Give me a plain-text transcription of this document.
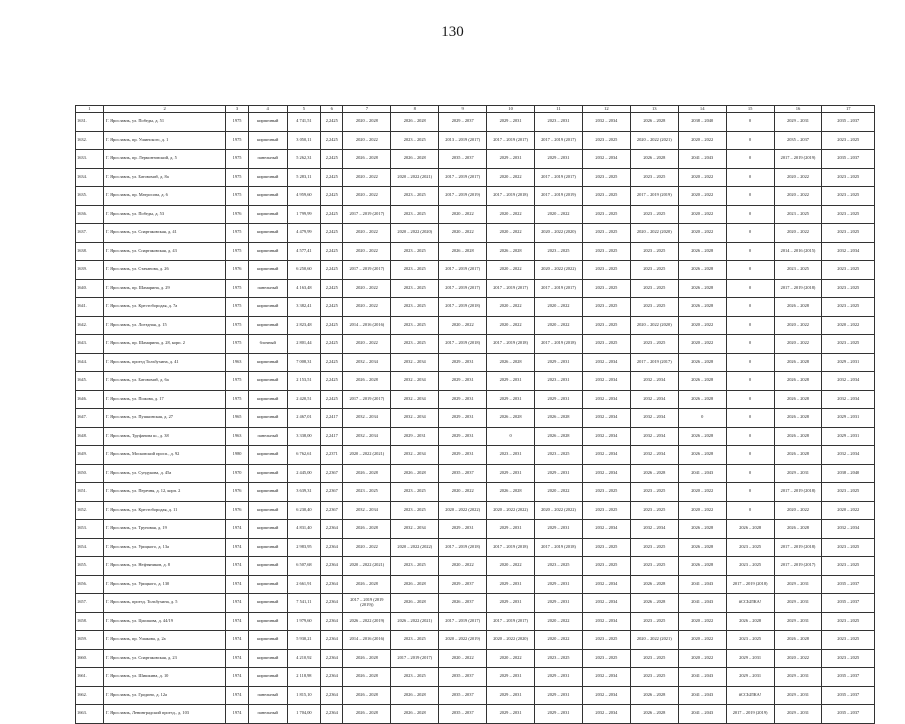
130
1	2	3	4	5	6	7	8	9	10	11	12	13	14	15	16	17
1631.	Г. Ярославль, ул. Победы, д. 51	1975	кирпичный	4 741,51	2,2425	2020 – 2028	2026 – 2028	2029 – 2037	2029 – 2031	2023 – 2031	2032 – 2034	2026 – 2028	2038 – 2040	0	2029 – 2031	2035 – 2037
1632.	Г. Ярославль, пр. Ушинского, д. 1	1975	кирпичный	3 050,11	2,2425	2020 – 2022	2023 – 2025	2013 – 2019 (2017)	2017 – 2019 (2017)	2017 – 2019 (2017)	2023 – 2025	2020 – 2022 (2021)	2020 – 2022	0	2035 – 2037	2023 – 2025
1633.	Г. Ярославль, пр. Лермонтовский, д. 5	1975	панельный	5 262,31	2,2425	2026 – 2028	2026 – 2028	2035 – 2037	2029 – 2031	2029 – 2031	2032 – 2034	2026 – 2028	2041 – 2043	0	2017 – 2019 (2019)	2035 – 2037
1634.	Г. Ярославль, ул. Батовомаб, д. 8а	1975	кирпичный	5 283,11	2,2425	2020 – 2022	2020 – 2022 (2021)	2017 – 2019 (2017)	2020 – 2022	2017 – 2019 (2017)	2023 – 2025	2023 – 2025	2020 – 2022	0	2020 – 2022	2023 – 2025
1635.	Г. Ярославль, пр. Матросова, д. 6	1975	кирпичный	4 959,60	2,2425	2020 – 2022	2023 – 2025	2017 – 2019 (2019)	2017 – 2019 (2018)	2017 – 2019 (2019)	2023 – 2025	2017 – 2019 (2019)	2020 – 2022	0	2020 – 2022	2023 – 2025
1636.	Г. Ярославль, ул. Победы, д. 53	1976	кирпичный	1 799,99	2,2425	2017 – 2019 (2017)	2023 – 2025	2020 – 2022	2020 – 2022	2020 – 2022	2023 – 2025	2023 – 2025	2020 – 2022	0	2023 – 2025	2023 – 2025
1637.	Г. Ярославль, ул. Спартаковская, д. 41	1975	кирпичный	4 479,99	2,2425	2020 – 2022	2020 – 2022 (2020)	2020 – 2022	2020 – 2022	2020 – 2022 (2020)	2023 – 2025	2020 – 2022 (2020)	2020 – 2022	0	2020 – 2022	2023 – 2025
1638.	Г. Ярославль, ул. Спартаковская, д. 43	1975	кирпичный	4 577,41	2,2425	2020 – 2022	2023 – 2025	2026 – 2028	2026 – 2028	2023 – 2025	2023 – 2025	2023 – 2025	2026 – 2028	0	2014 – 2016 (2015)	2032 – 2034
1639.	Г. Ярославль, ул. Стачанова, д. 26	1976	кирпичный	6 250,60	2,2425	2017 – 2019 (2017)	2023 – 2025	2017 – 2019 (2017)	2020 – 2022	2020 – 2022 (2022)	2023 – 2025	2023 – 2025	2026 – 2028	0	2023 – 2025	2023 – 2025
1640.	Г. Ярославль, пр. Шамарина, д. 29	1975	панельный	4 163,48	2,2425	2020 – 2022	2023 – 2025	2017 – 2019 (2017)	2017 – 2019 (2017)	2017 – 2019 (2017)	2023 – 2025	2023 – 2025	2026 – 2028	0	2017 – 2019 (2018)	2023 – 2025
1641.	Г. Ярославль, ул. Крестобородая, д. 7а	1975	кирпичный	3 382,41	2,2425	2020 – 2022	2023 – 2025	2017 – 2019 (2018)	2020 – 2022	2020 – 2022	2023 – 2025	2023 – 2025	2026 – 2028	0	2026 – 2028	2023 – 2025
1642.	Г. Ярославль, ул. Лоездная, д. 15	1975	кирпичный	2 823,48	2,2425	2014 – 2016 (2016)	2023 – 2025	2020 – 2022	2020 – 2022	2020 – 2022	2023 – 2025	2020 – 2022 (2020)	2020 – 2022	0	2020 – 2022	2020 – 2022
1643.	Г. Ярославль, пр. Шамарина, д. 28, корп. 2	1975	блочный	2 801,44	2,2425	2020 – 2022	2023 – 2025	2017 – 2019 (2018)	2017 – 2019 (2018)	2017 – 2019 (2018)	2023 – 2025	2023 – 2025	2020 – 2022	0	2020 – 2022	2023 – 2025
1644.	Г. Ярославль, проезд Тольбухина, д. 41	1963	кирпичный	7 008,31	2,2425	2032 – 2034	2032 – 2034	2029 – 2031	2026 – 2028	2029 – 2031	2032 – 2034	2017 – 2019 (2017)	2026 – 2028	0	2026 – 2028	2029 – 2031
1645.	Г. Ярославль, ул. Батовомаб, д. 6а	1975	кирпичный	2 153,51	2,2425	2026 – 2028	2032 – 2034	2029 – 2031	2029 – 2031	2023 – 2031	2032 – 2034	2032 – 2034	2026 – 2028	0	2026 – 2028	2032 – 2034
1646.	Г. Ярославль, ул. Пожова, д. 17	1975	кирпичный	2 420,51	2,2425	2017 – 2019 (2017)	2032 – 2034	2029 – 2031	2029 – 2031	2029 – 2031	2032 – 2034	2032 – 2034	2026 – 2028	0	2026 – 2028	2032 – 2034
1647.	Г. Ярославль, ул. Пушкинская, д. 27	1965	кирпичный	2 467,01	2,2417	2032 – 2034	2032 – 2034	2029 – 2031	2026 – 2028	2026 – 2028	2032 – 2034	2032 – 2034	0	0	2026 – 2028	2029 – 2031
1648.	Г. Ярославль, Труфанова ш., д. 38	1963	панельный	3 338,00	2,2417	2032 – 2034	2029 – 2031	2029 – 2031	0	2026 – 2028	2032 – 2034	2032 – 2034	2026 – 2028	0	2026 – 2028	2029 – 2031
1649.	Г. Ярославль, Московский просп., д. 92	1980	кирпичный	6 762,61	2,2371	2020 – 2022 (2021)	2032 – 2034	2029 – 2031	2023 – 2031	2023 – 2025	2032 – 2034	2032 – 2034	2026 – 2028	0	2026 – 2028	2032 – 2034
1650.	Г. Ярославль, ул. Сундукова, д. 45а	1970	кирпичный	2 445,00	2,2367	2026 – 2028	2026 – 2028	2035 – 2037	2029 – 2031	2029 – 2031	2032 – 2034	2026 – 2028	2041 – 2043	0	2029 – 2031	2038 – 2040
1651.	Г. Ярославль, ул. Перечня, д. 12, корп. 2	1976	кирпичный	3 639,31	2,2367	2023 – 2025	2023 – 2025	2020 – 2022	2026 – 2028	2020 – 2022	2023 – 2025	2023 – 2025	2020 – 2022	0	2017 – 2019 (2018)	2023 – 2025
1652.	Г. Ярославль, ул. Крестобородая, д. 11	1976	кирпичный	6 230,40	2,2367	2032 – 2034	2023 – 2025	2020 – 2022 (2022)	2020 – 2022 (2022)	2020 – 2022 (2022)	2023 – 2025	2023 – 2025	2020 – 2022	0	2020 – 2022	2020 – 2022
1653.	Г. Ярославль, ул. Труновая, д. 19	1974	кирпичный	4 831,40	2,2364	2026 – 2028	2032 – 2034	2029 – 2031	2029 – 2031	2029 – 2031	2032 – 2034	2032 – 2034	2026 – 2028	2026 – 2028	2026 – 2028	2032 – 2034
1654.	Г. Ярославль, ул. Урицкого, д. 13а	1974	кирпичный	2 983,95	2,2364	2020 – 2022	2020 – 2022 (2022)	2017 – 2019 (2018)	2017 – 2019 (2018)	2017 – 2019 (2018)	2023 – 2025	2023 – 2025	2026 – 2028	2023 – 2025	2017 – 2019 (2018)	2023 – 2025
1655.	Г. Ярославль, ул. Нефтяников, д. 8	1974	кирпичный	6 507,68	2,2364	2020 – 2022 (2021)	2023 – 2025	2020 – 2022	2020 – 2022	2023 – 2025	2023 – 2025	2023 – 2025	2026 – 2028	2023 – 2025	2017 – 2019 (2017)	2023 – 2025
1656.	Г. Ярославль, ул. Урицкого, д. 130	1974	кирпичный	2 661,91	2,2364	2026 – 2028	2026 – 2028	2029 – 2037	2029 – 2031	2029 – 2031	2032 – 2034	2026 – 2028	2041 – 2043	2017 – 2019 (2018)	2029 – 2031	2035 – 2037
1657.	Г. Ярославль, проезд. Тольбухина, д. 5	1974	кирпичный	7 541,11	2,2364	2017 – 2019 (2019 (2019))	2026 – 2028	2026 – 2037	2029 – 2031	2029 – 2031	2032 – 2034	2026 – 2028	2041 – 2043	#ССЫЛКА!	2029 – 2031	2035 – 2037
1658.	Г. Ярославль, ул. Циолкова, д. 44/19	1974	кирпичный	1 979,60	2,2364	2026 – 2022 (2019)	2026 – 2022 (2021)	2017 – 2019 (2017)	2017 – 2019 (2017)	2020 – 2022	2032 – 2034	2023 – 2025	2020 – 2022	2026 – 2028	2029 – 2031	2023 – 2025
1659.	Г. Ярославль, пр. Ушакова, д. 2а	1974	кирпичный	5 930,21	2,2364	2014 – 2016 (2016)	2023 – 2025	2020 – 2022 (2019)	2020 – 2022 (2020)	2020 – 2022	2023 – 2025	2020 – 2022 (2021)	2020 – 2022	2023 – 2025	2026 – 2028	2023 – 2025
1660.	Г. Ярославль, ул. Спартаковская, д. 23	1974	кирпичный	4 210,92	2,2364	2026 – 2028	2017 – 2019 (2017)	2020 – 2022	2020 – 2022	2023 – 2025	2023 – 2025	2023 – 2025	2020 – 2022	2029 – 2031	2020 – 2022	2023 – 2025
1661.	Г. Ярославль, ул. Шишкина, д. 10	1974	кирпичный	2 118,98	2,2364	2026 – 2028	2023 – 2025	2035 – 2037	2029 – 2031	2029 – 2031	2032 – 2034	2023 – 2025	2041 – 2043	2029 – 2031	2029 – 2031	2035 – 2037
1662.	Г. Ярославль, ул. Гродино, д. 12а	1974	панельный	1 815,10	2,2364	2026 – 2028	2026 – 2028	2035 – 2037	2029 – 2031	2029 – 2031	2032 – 2034	2026 – 2028	2041 – 2043	#ССЫЛКА!	2029 – 2031	2035 – 2037
1663.	Г. Ярославль, Ленинградский проезд., д. 103	1974	панельный	1 704,00	2,2364	2026 – 2028	2026 – 2028	2035 – 2037	2029 – 2031	2029 – 2031	2032 – 2034	2026 – 2028	2041 – 2043	2017 – 2019 (2019)	2029 – 2031	2035 – 2037
